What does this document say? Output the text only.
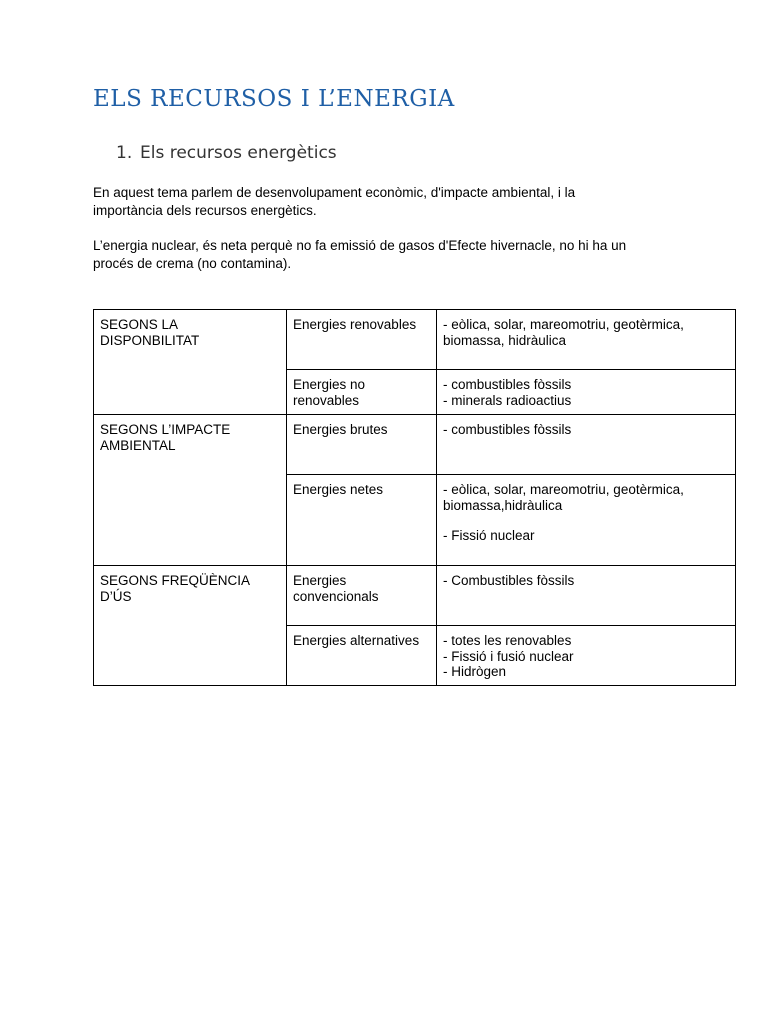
ELS RECURSOS I L’ENERGIA
1. Els recursos energètics

En aquest tema parlem de desenvolupament econòmic, d'impacte ambiental, i la
importància dels recursos energètics.

L’energia nuclear, és neta perquè no fa emissió de gasos d'Efecte hivernacle, no hi ha un
procés de crema (no contamina).

SEGONS LA
DISPONBILITAT	Energies renovables	- eòlica, solar, mareomotriu, geotèrmica,
biomassa, hidràulica

	Energies no
renovables	- combustibles fòssils
- minerals radioactius

SEGONS L’IMPACTE
AMBIENTAL	Energies brutes	- combustibles fòssils

	Energies netes	- eòlica, solar, mareomotriu, geotèrmica,
biomassa,hidràulica
- Fissió nuclear

SEGONS FREQÜÈNCIA
D’ÚS	Energies
convencionals	- Combustibles fòssils

	Energies alternatives	- totes les renovables
- Fissió i fusió nuclear
- Hidrògen
